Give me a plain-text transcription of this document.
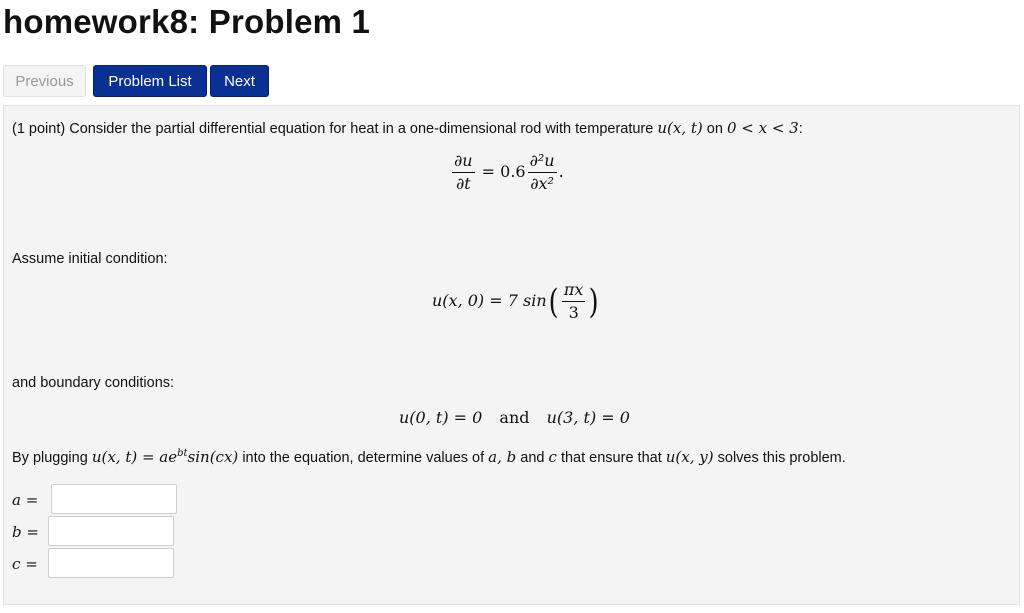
homework8: Problem 1
Previous	Problem List	Next
(1 point) Consider the partial differential equation for heat in a one-dimensional rod with temperature u(x, t) on 0 < x < 3:
$\frac{\partial u}{\partial t} = 0.6 \frac{\text{∂²u}}{\text{∂x²}}$ .
Assume initial condition:
u(x, 0) = 7 $\sin( \frac{\pi x}{3}$ )
and boundary conditions:
u(0, t) = 0 and u(3, t) = 0
By plugging u(x, $t) = ae^{bt}\sin(cx)$ into the equation, determine values of a, b and c that ensure that u(x, y) solves this problem.
a =
b =
c =
